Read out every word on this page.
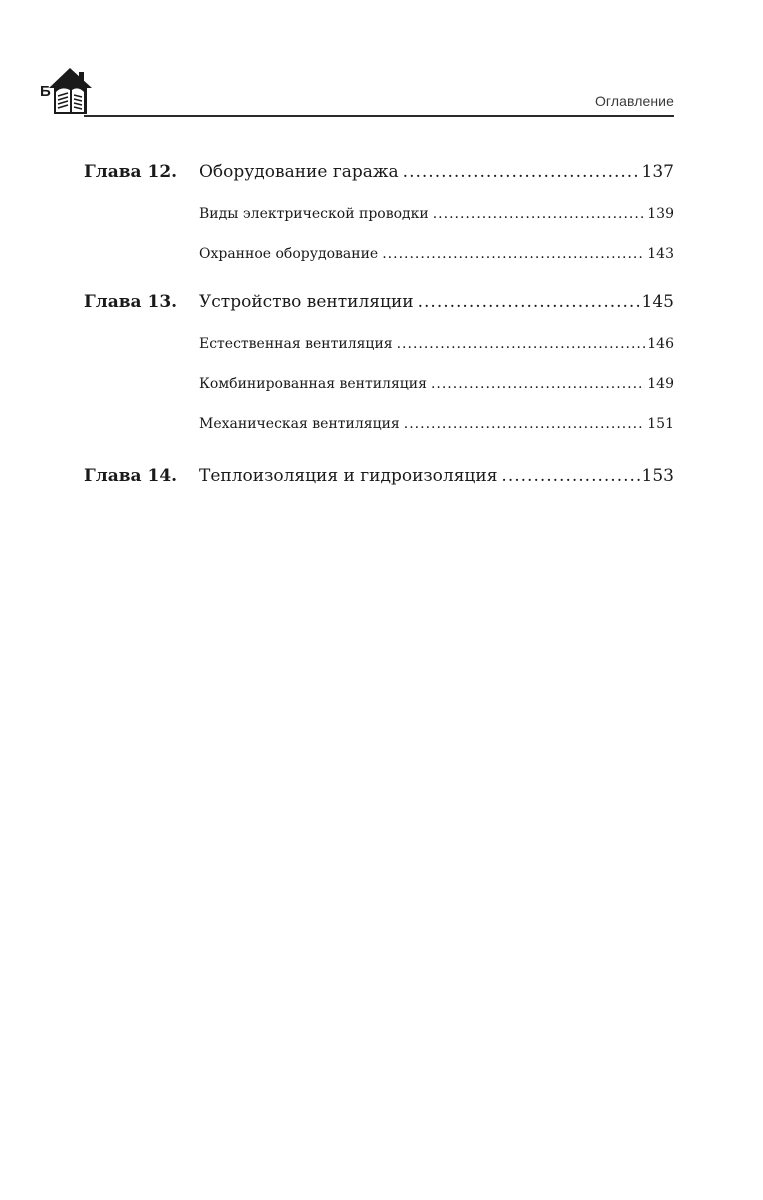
Б
Оглавление
Глава 12.	Оборудование гаража .....	137
Виды электрической проводки .....	139
Охранное оборудование .....	143
Глава 13.	Устройство вентиляции .....	145
Естественная вентиляция .....	146
Комбинированная вентиляция .....	149
Механическая вентиляция .....	151
Глава 14.	Теплоизоляция и гидроизоляция .....	153
